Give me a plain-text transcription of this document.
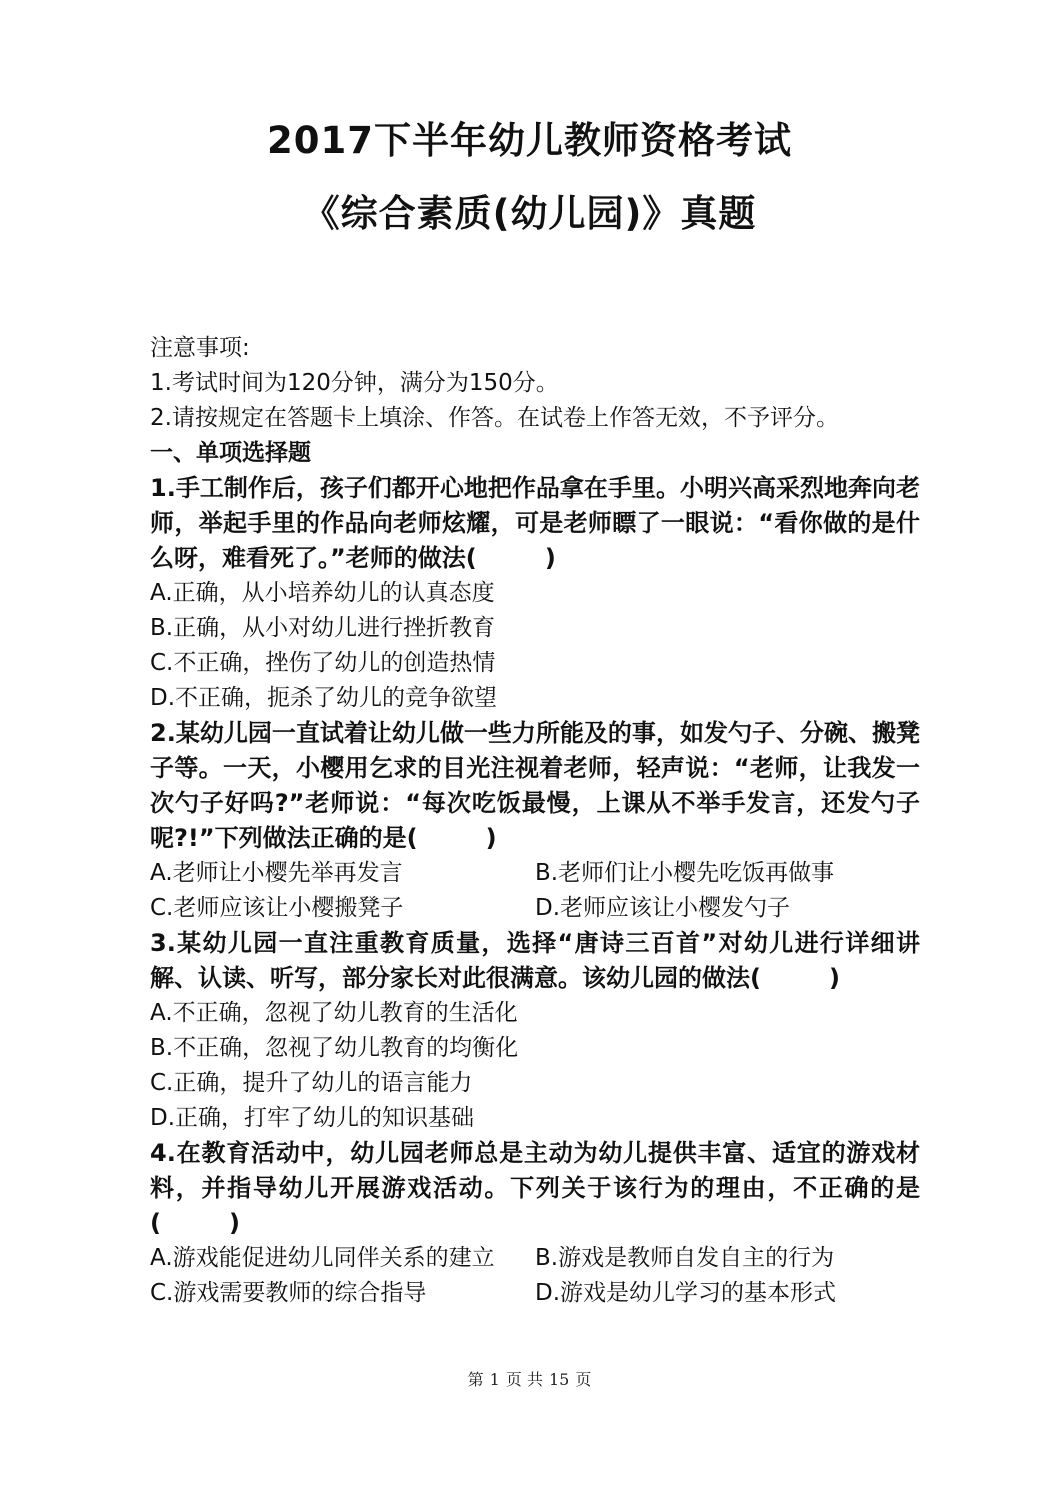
2017下半年幼儿教师资格考试
《综合素质(幼儿园)》真题
注意事项:
1.考试时间为120分钟，满分为150分。
2.请按规定在答题卡上填涂、作答。在试卷上作答无效，不予评分。
一、单项选择题
1.手工制作后，孩子们都开心地把作品拿在手里。小明兴高采烈地奔向老师，举起手里的作品向老师炫耀，可是老师瞟了一眼说：“看你做的是什么呀，难看死了。”老师的做法 (
	)
A.正确，从小培养幼儿的认真态度
B.正确，从小对幼儿进行挫折教育
C.不正确，挫伤了幼儿的创造热情
D.不正确，扼杀了幼儿的竞争欲望
2.某幼儿园一直试着让幼儿做一些力所能及的事，如发勺子、分碗、搬凳子等。一天，小樱用乞求的目光注视着老师，轻声说：“老师，让我发一次勺子好吗?”老师说：“每次吃饭最慢，上课从不举手发言，还发勺子呢?!”下列做法正确的是 (
	)
A.老师让小樱先举再发言	B.老师们让小樱先吃饭再做事
C.老师应该让小樱搬凳子	D.老师应该让小樱发勺子
3.某幼儿园一直注重教育质量，选择“唐诗三百首”对幼儿进行详细讲解、认读、听写，部分家长对此很满意。该幼儿园的做法 (
	)
A.不正确，忽视了幼儿教育的生活化
B.不正确，忽视了幼儿教育的均衡化
C.正确，提升了幼儿的语言能力
D.正确，打牢了幼儿的知识基础
4.在教育活动中，幼儿园老师总是主动为幼儿提供丰富、适宜的游戏材料，并指导幼儿开展游戏活动。下列关于该行为的理由，不正确的是
(
	)
A.游戏能促进幼儿同伴关系的建立	B.游戏是教师自发自主的行为
C.游戏需要教师的综合指导	D.游戏是幼儿学习的基本形式
第 1 页 共 15 页
